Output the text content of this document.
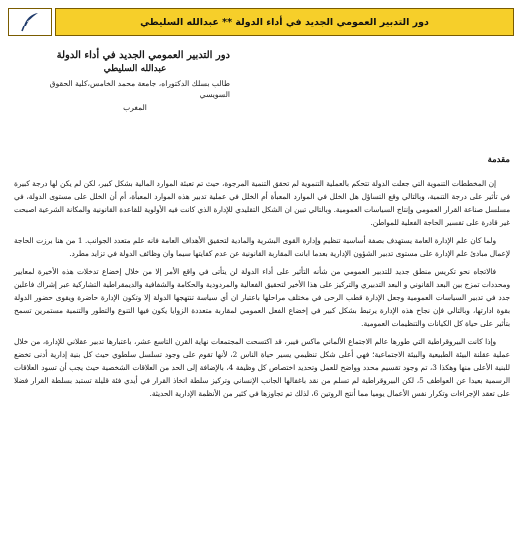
دور التدبير العمومي الجديد في أداء الدولة ** عبدالله السليطي
دور التدبير العمومي الجديد في أداء الدولة
عبدالله السليطي
طالب بسلك الدكتوراه، جامعة محمد الخامس،كلية الحقوق السويسي
المغرب
مقدمة

إن المخططات التنموية التي جعلت الدولة تتحكم بالعملية التنموية لم تحقق التنمية المرجوة، حيث تم تعبئة الموارد المالية بشكل كبير، لكن لم يكن لها درجة كبيرة في تأثير على درجة التنمية، وبالتالي وقع التساؤل هل الخلل في الموارد المعبأة أم الخلل في عملية تدبير هذه الموارد المعبأة، أم أن الخلل على مستوى الدولة، في مسلسل صناعة القرار العمومي وإنتاج السياسات العمومية. وبالتالي تبين ان الشكل التقليدي للإدارة الذي كانت فيه الأولوية للقاعدة القانونية والمكانة الشرعية اصبحت غير قادرة على تفسير الحاجة الفعلية للمواطن.

ولما كان علم الإدارة العامة يستهدف بصفة أساسية تنظيم وإدارة القوى البشرية والمادية لتحقيق الأهداف العامة فانه علم متعدد الجوانب. 1 من هنا برزت الحاجة لإعمال مبادئ علم الإدارة على مستوى تدبير الشؤون الإدارية بعدما ابانت المقاربة القانونية عن عدم كفايتها سيما وان وظائف الدولة في تزايد مطرد.

فالاتجاه نحو تكريس منطق جديد للتدبير العمومي من شأنه التأثير على أداء الدولة لن يتأتى في واقع الأمر إلا من خلال إخضاع تدخلات هذه الأخيرة لمعايير ومحددات تمزج بين البعد القانوني و البعد التدبيري والتركيز على هذا الأخير لتحقيق الفعالية والمردودية والحكامة والشفافية والديمقراطية التشاركية عبر إشراك فاعلين جدد في تدبير السياسات العمومية وجعل الإدارة قطب الرحى في مختلف مراحلها باعتبار ان أي سياسة تنتهجها الدولة إلا وتكون الإدارة حاضرة ويقوى حضور الدولة بقوة ادارتها، وبالتالي فإن نجاح هذه الإدارة يرتبط بشكل كبير في إخضاع الفعل العمومي لمقاربة متعددة الزوايا يكون فيها التنوع والتطور والتنمية مستمرين تسمح بتأثير على حياة كل الكيانات والتنظيمات العمومية.

وإذا كانت البيروقراطية التي طورها عالم الاجتماع الألماني ماكس فيبر، قد اكتسحت المجتمعات نهاية القرن التاسع عشر، باعتبارها تدبير عقلاني للإدارة، من خلال عملية عقلنة البيئة الطبيعية والبيئة الاجتماعية؛ فهي أعلى شكل تنظيمي يسير حياة الناس 2، لأنها تقوم على وجود تسلسل سلطوي حيث كل بنية إدارية أدنى تخضع للبنية الأعلى منها وهكذا 3، تم وجود تقسيم محدد وواضح للعمل وتحديد اختصاص كل وظيفة 4، بالإضافة إلى الحد من العلاقات الشخصية حيث يجب أن تسود العلاقات الرسمية بعيدا عن العواطف 5، لكن البيروقراطية لم تسلم من نقد باغفالها الجانب الإنساني وتركيز سلطة اتخاذ القرار في أيدي فئة قليلة تستبد بسلطة القرار فضلا على تعقد الإجراءات وتكرار نفس الأعمال يوميا مما أنتج الروتين 6، لذلك تم تجاوزها في كثير من الأنظمة الإدارية الحديثة.
